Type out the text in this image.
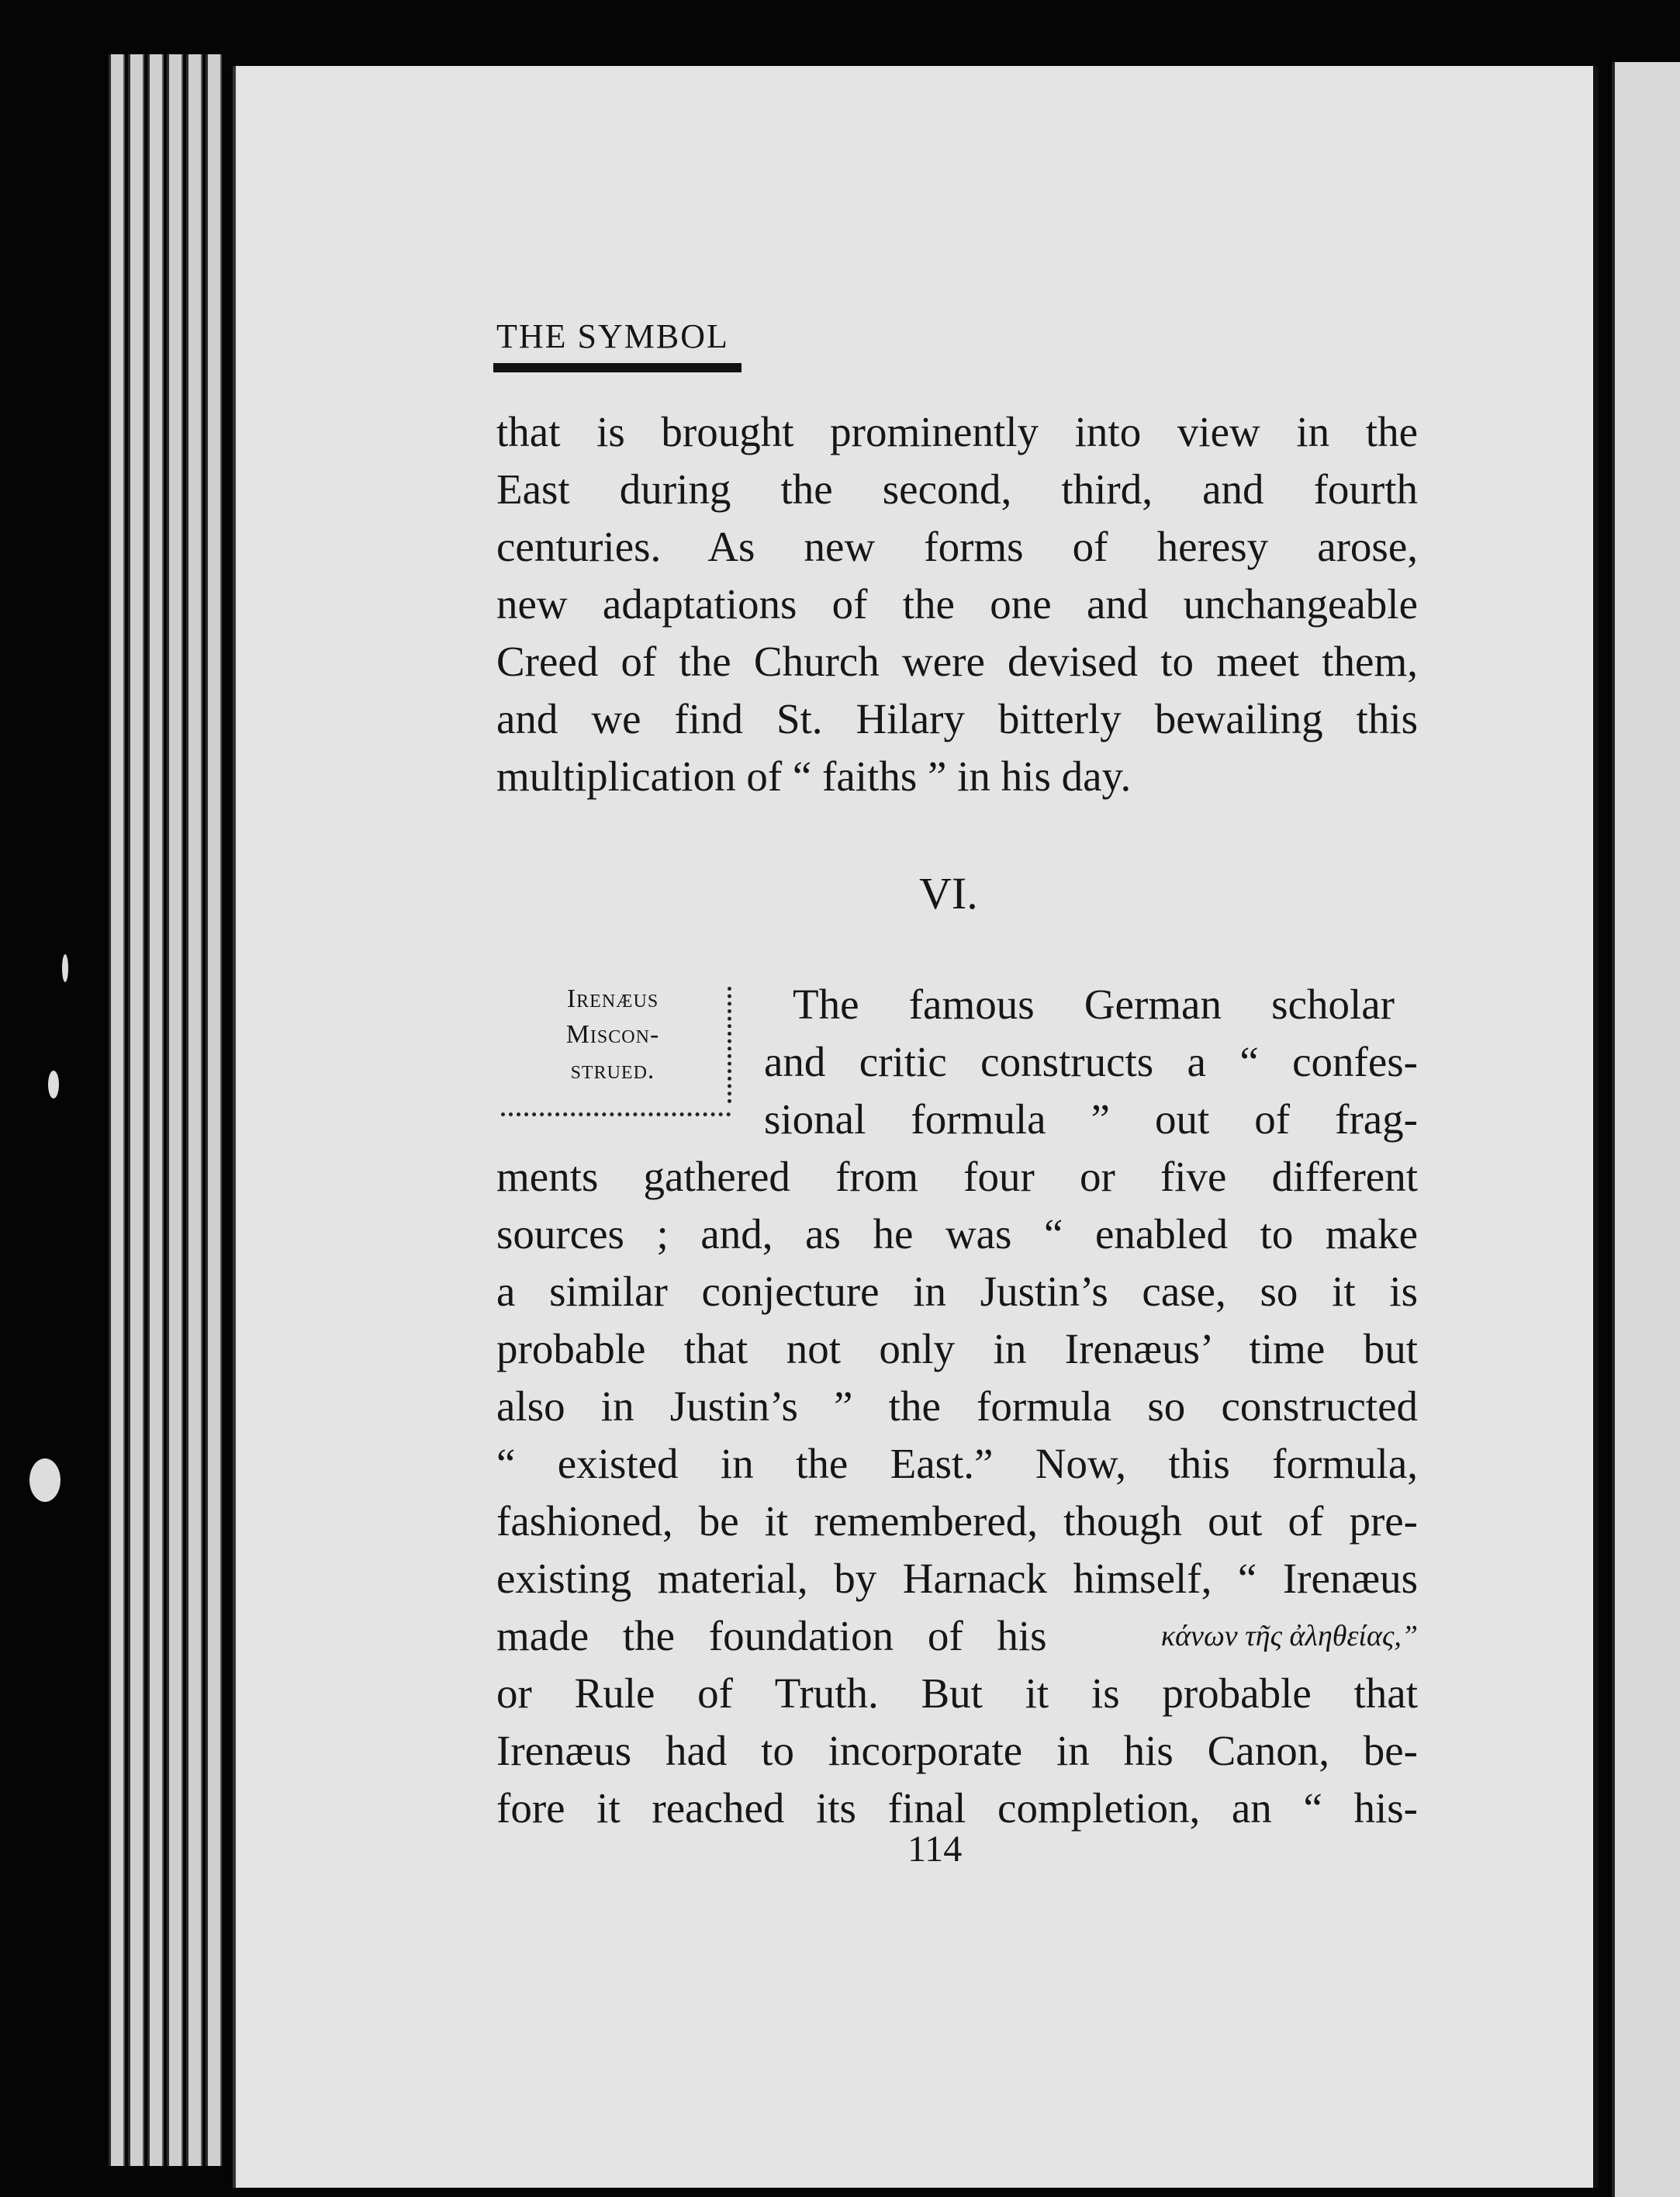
THE SYMBOL
that is brought prominently into view in the
East during the second, third, and fourth
centuries. As new forms of heresy arose,
new adaptations of the one and unchangeable
Creed of the Church were devised to meet them,
and we find St. Hilary bitterly bewailing this
multiplication of “ faiths ” in his day.
VI.
Irenæus
Miscon-
strued.
The famous German scholar
and critic constructs a “ confes-
sional formula ” out of frag-
ments gathered from four or five different
sources ; and, as he was “ enabled to make
a similar conjecture in Justin’s case, so it is
probable that not only in Irenæus’ time but
also in Justin’s ” the formula so constructed
“ existed in the East.” Now, this formula,
fashioned, be it remembered, though out of pre-
existing material, by Harnack himself, “ Irenæus
made the foundation of his	κάνων τῆς ἀληθείας,”
or Rule of Truth. But it is probable that
Irenæus had to incorporate in his Canon, be-
fore it reached its final completion, an “ his-
114
